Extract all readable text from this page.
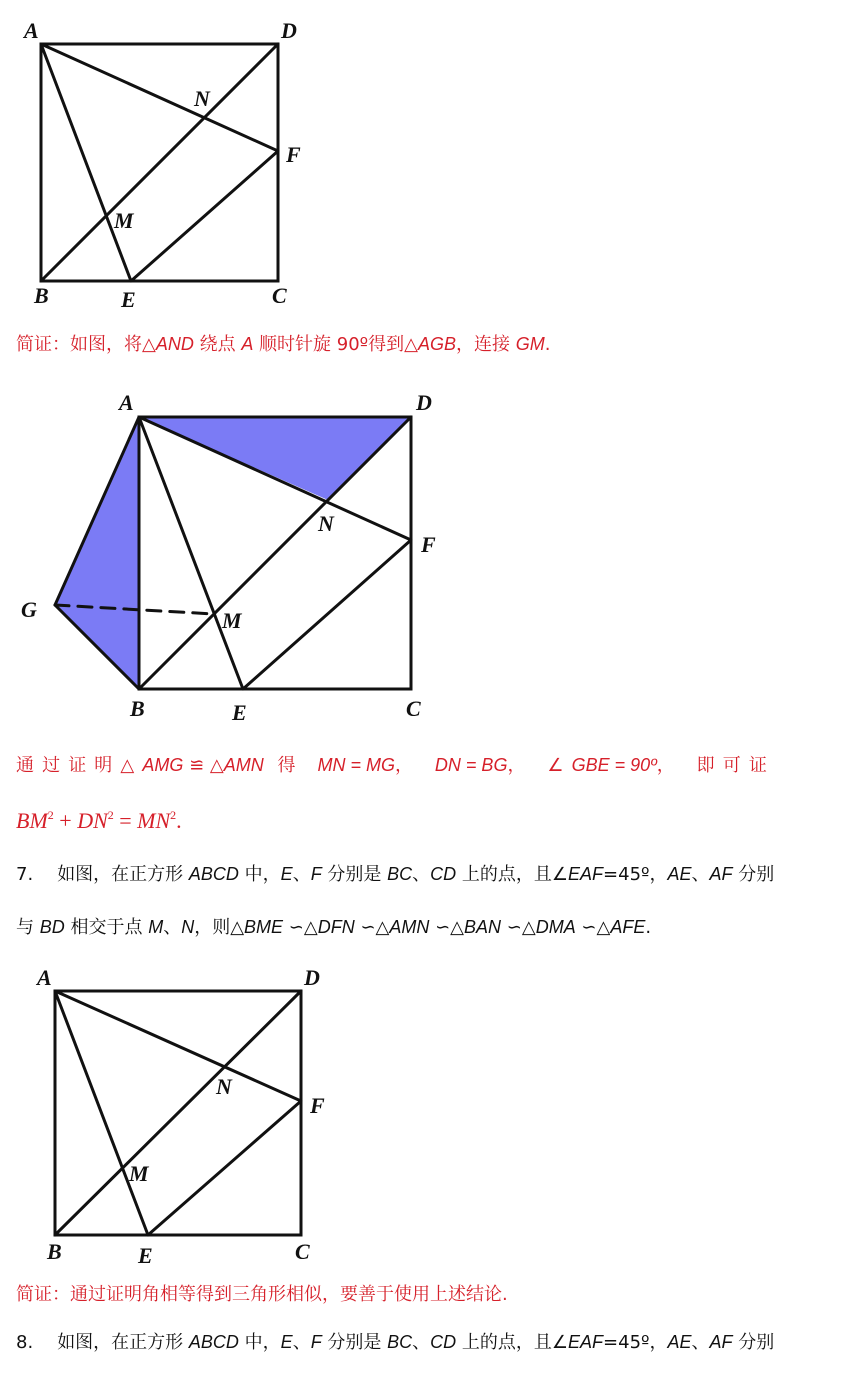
A	D
F
N
M
B	E	C
简证：如图，将△AND 绕点 A 顺时针旋 90º得到△AGB，连接 GM.
A	D
F
N
M
G
B	E	C
通过证明△AMG ≌ △AMN 得 MN = MG， DN = BG， ∠GBE = 90º， 即可证
$BM^2 + DN^2 = MN^2$.
7. 如图，在正方形 ABCD 中，E、F 分别是 BC、CD 上的点，且∠EAF=45º，AE、AF 分别
与 BD 相交于点 M、N，则△BME ∽△DFN ∽△AMN ∽△BAN ∽△DMA ∽△AFE.
A	D
F
N
M
B	E	C
简证：通过证明角相等得到三角形相似，要善于使用上述结论.
8. 如图，在正方形 ABCD 中，E、F 分别是 BC、CD 上的点，且∠EAF=45º，AE、AF 分别
